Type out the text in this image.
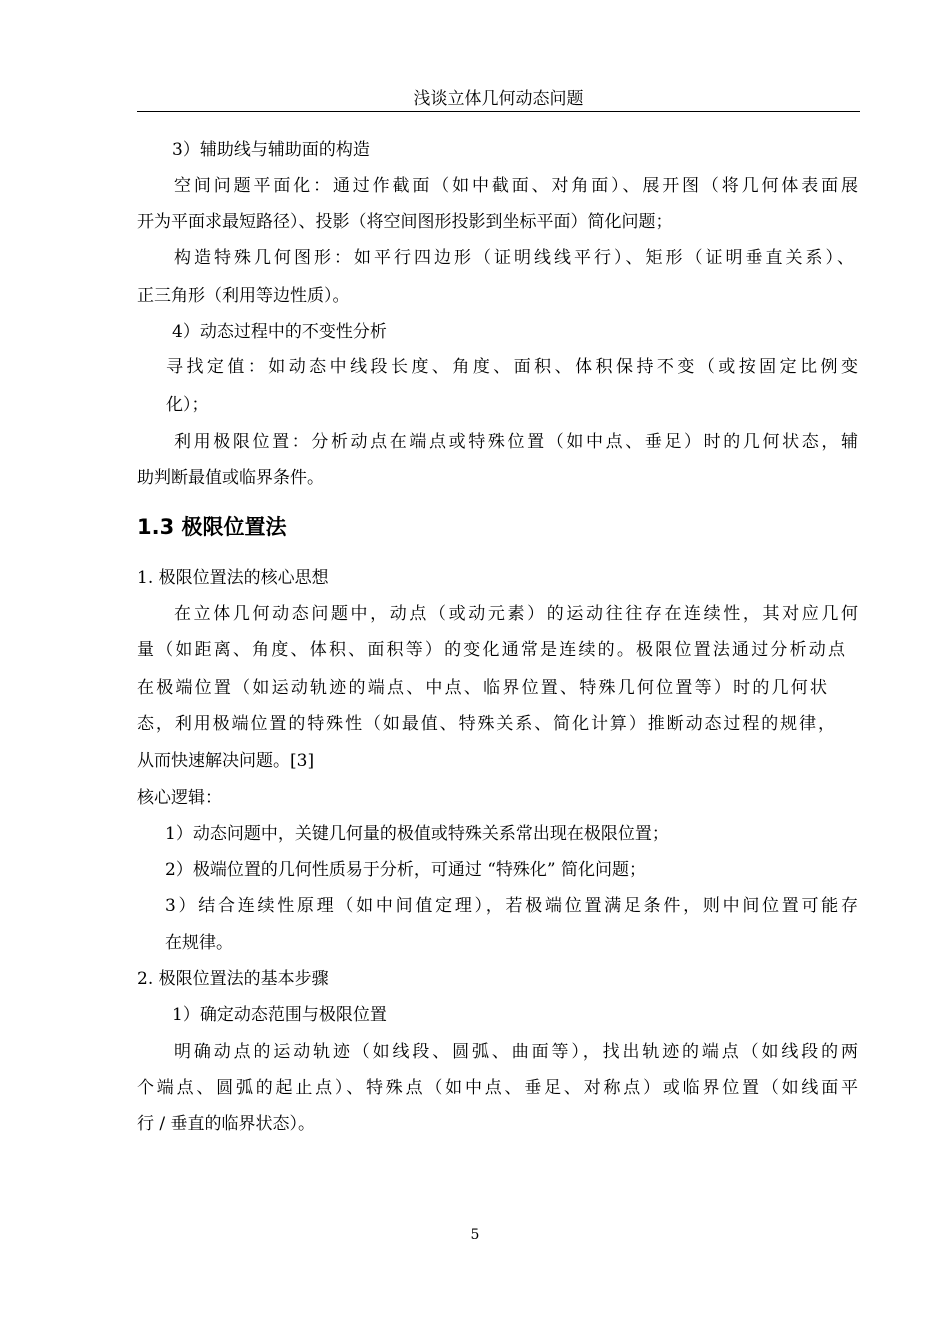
浅谈立体几何动态问题
3）辅助线与辅助面的构造
空间问题平面化：通过作截面（如中截面、对角面）、展开图（将几何体表面展
开为平面求最短路径）、投影（将空间图形投影到坐标平面）简化问题；
构造特殊几何图形：如平行四边形（证明线线平行）、矩形（证明垂直关系）、
正三角形（利用等边性质）。
4）动态过程中的不变性分析
寻找定值：如动态中线段长度、角度、面积、体积保持不变（或按固定比例变
化）；
利用极限位置：分析动点在端点或特殊位置（如中点、垂足）时的几何状态，辅
助判断最值或临界条件。
1.3 极限位置法
1. 极限位置法的核心思想
在立体几何动态问题中，动点（或动元素）的运动往往存在连续性，其对应几何
量（如距离、角度、体积、面积等）的变化通常是连续的。极限位置法通过分析动点
在极端位置（如运动轨迹的端点、中点、临界位置、特殊几何位置等）时的几何状
态，利用极端位置的特殊性（如最值、特殊关系、简化计算）推断动态过程的规律，
从而快速解决问题。[3]
核心逻辑：
1）动态问题中，关键几何量的极值或特殊关系常出现在极限位置；
2）极端位置的几何性质易于分析，可通过 “特殊化” 简化问题；
3）结合连续性原理（如中间值定理），若极端位置满足条件，则中间位置可能存
在规律。
2. 极限位置法的基本步骤
1）确定动态范围与极限位置
明确动点的运动轨迹（如线段、圆弧、曲面等），找出轨迹的端点（如线段的两
个端点、圆弧的起止点）、特殊点（如中点、垂足、对称点）或临界位置（如线面平
行 / 垂直的临界状态）。
5
